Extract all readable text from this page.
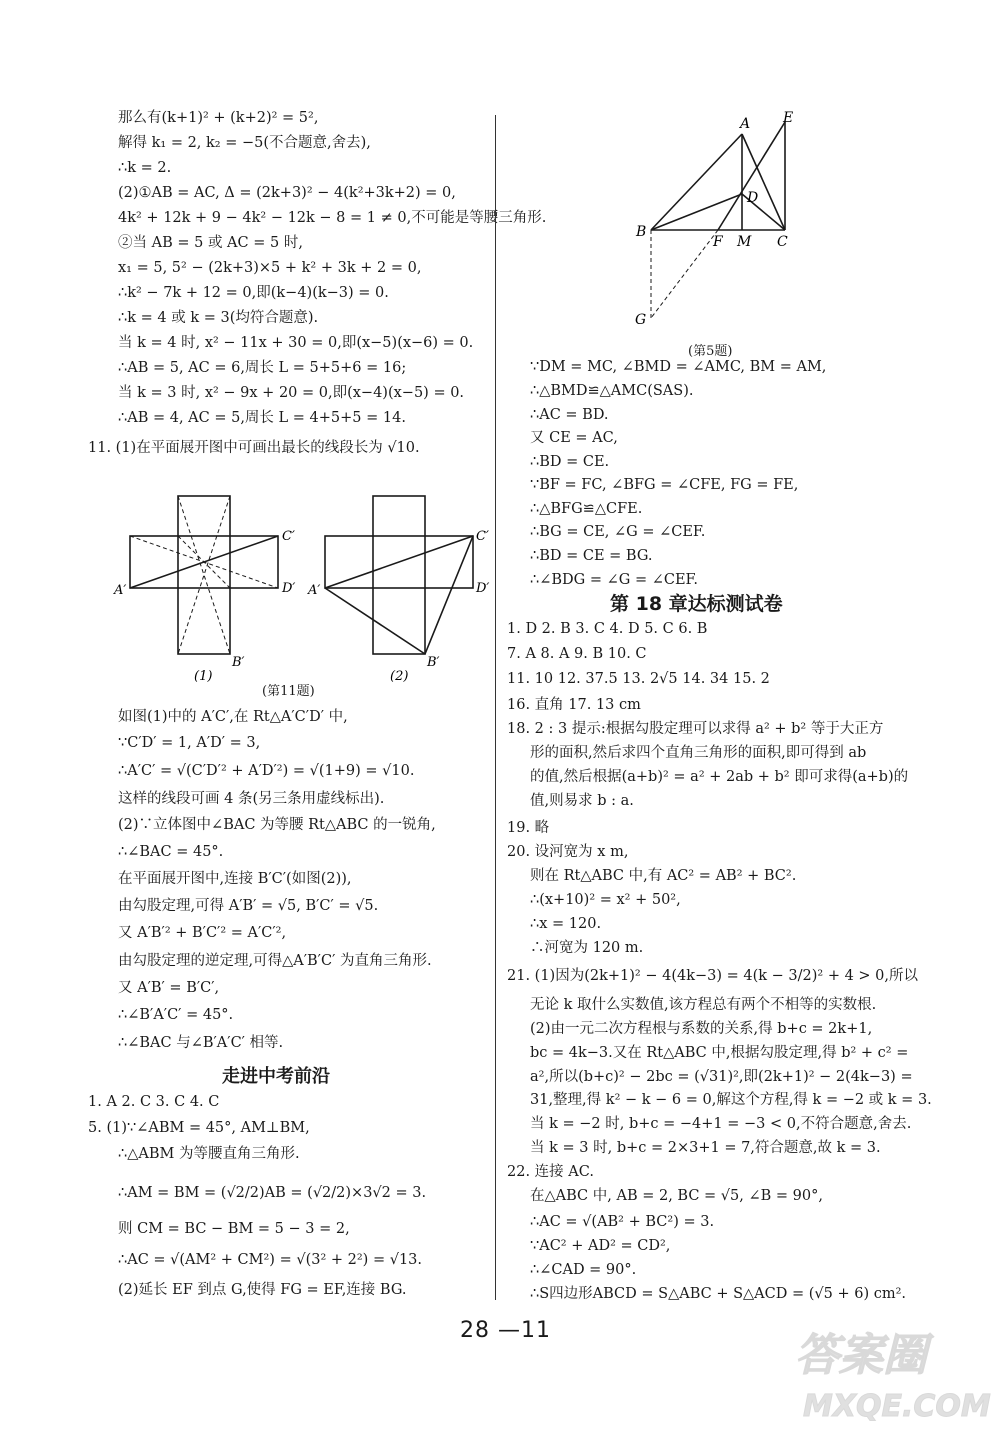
那么有(k+1)² + (k+2)² = 5²,
解得 k₁ = 2, k₂ = −5(不合题意,舍去),
∴k = 2.
(2)①AB = AC, Δ = (2k+3)² − 4(k²+3k+2) = 0,
4k² + 12k + 9 − 4k² − 12k − 8 = 1 ≠ 0,不可能是等腰三角形.
②当 AB = 5 或 AC = 5 时,
x₁ = 5, 5² − (2k+3)×5 + k² + 3k + 2 = 0,
∴k² − 7k + 12 = 0,即(k−4)(k−3) = 0.
∴k = 4 或 k = 3(均符合题意).
当 k = 4 时, x² − 11x + 30 = 0,即(x−5)(x−6) = 0.
∴AB = 5, AC = 6,周长 L = 5+5+6 = 16;
当 k = 3 时, x² − 9x + 20 = 0,即(x−4)(x−5) = 0.
∴AB = 4, AC = 5,周长 L = 4+5+5 = 14.
11. (1)在平面展开图中可画出最长的线段长为 √10.
A′
C′
D′
B′
(1)
A′
C′
D′
B′
(2)
(第11题)
如图(1)中的 A′C′,在 Rt△A′C′D′ 中,
∵C′D′ = 1, A′D′ = 3,
∴A′C′ = √(C′D′² + A′D′²) = √(1+9) = √10.
这样的线段可画 4 条(另三条用虚线标出).
(2)∵立体图中∠BAC 为等腰 Rt△ABC 的一锐角,
∴∠BAC = 45°.
在平面展开图中,连接 B′C′(如图(2)),
由勾股定理,可得 A′B′ = √5, B′C′ = √5.
又 A′B′² + B′C′² = A′C′²,
由勾股定理的逆定理,可得△A′B′C′ 为直角三角形.
又 A′B′ = B′C′,
∴∠B′A′C′ = 45°.
∴∠BAC 与∠B′A′C′ 相等.
走进中考前沿
1. A 2. C 3. C 4. C
5. (1)∵∠ABM = 45°, AM⊥BM,
∴△ABM 为等腰直角三角形.
∴AM = BM = (√2/2)AB = (√2/2)×3√2 = 3.
则 CM = BC − BM = 5 − 3 = 2,
∴AC = √(AM² + CM²) = √(3² + 2²) = √13.
(2)延长 EF 到点 G,使得 FG = EF,连接 BG.
A E
D
B
F M C
G
(第5题)
∵DM = MC, ∠BMD = ∠AMC, BM = AM,
∴△BMD≌△AMC(SAS).
∴AC = BD.
又 CE = AC,
∴BD = CE.
∵BF = FC, ∠BFG = ∠CFE, FG = FE,
∴△BFG≌△CFE.
∴BG = CE, ∠G = ∠CEF.
∴BD = CE = BG.
∴∠BDG = ∠G = ∠CEF.
第 18 章达标测试卷
1. D 2. B 3. C 4. D 5. C 6. B
7. A 8. A 9. B 10. C
11. 10 12. 37.5 13. 2√5 14. 34 15. 2
16. 直角 17. 13 cm
18. 2 : 3 提示:根据勾股定理可以求得 a² + b² 等于大正方
形的面积,然后求四个直角三角形的面积,即可得到 ab
的值,然后根据(a+b)² = a² + 2ab + b² 即可求得(a+b)的
值,则易求 b : a.
19. 略
20. 设河宽为 x m,
则在 Rt△ABC 中,有 AC² = AB² + BC².
∴(x+10)² = x² + 50²,
∴x = 120.
∴河宽为 120 m.
21. (1)因为(2k+1)² − 4(4k−3) = 4(k − 3/2)² + 4 > 0,所以
无论 k 取什么实数值,该方程总有两个不相等的实数根.
(2)由一元二次方程根与系数的关系,得 b+c = 2k+1,
bc = 4k−3.又在 Rt△ABC 中,根据勾股定理,得 b² + c² =
a²,所以(b+c)² − 2bc = (√31)²,即(2k+1)² − 2(4k−3) =
31,整理,得 k² − k − 6 = 0,解这个方程,得 k = −2 或 k = 3.
当 k = −2 时, b+c = −4+1 = −3 < 0,不符合题意,舍去.
当 k = 3 时, b+c = 2×3+1 = 7,符合题意,故 k = 3.
22. 连接 AC.
在△ABC 中, AB = 2, BC = √5, ∠B = 90°,
∴AC = √(AB² + BC²) = 3.
∵AC² + AD² = CD²,
∴∠CAD = 90°.
∴S四边形ABCD = S△ABC + S△ACD = (√5 + 6) cm².
28 —11	答案圈
MXQE.COM
